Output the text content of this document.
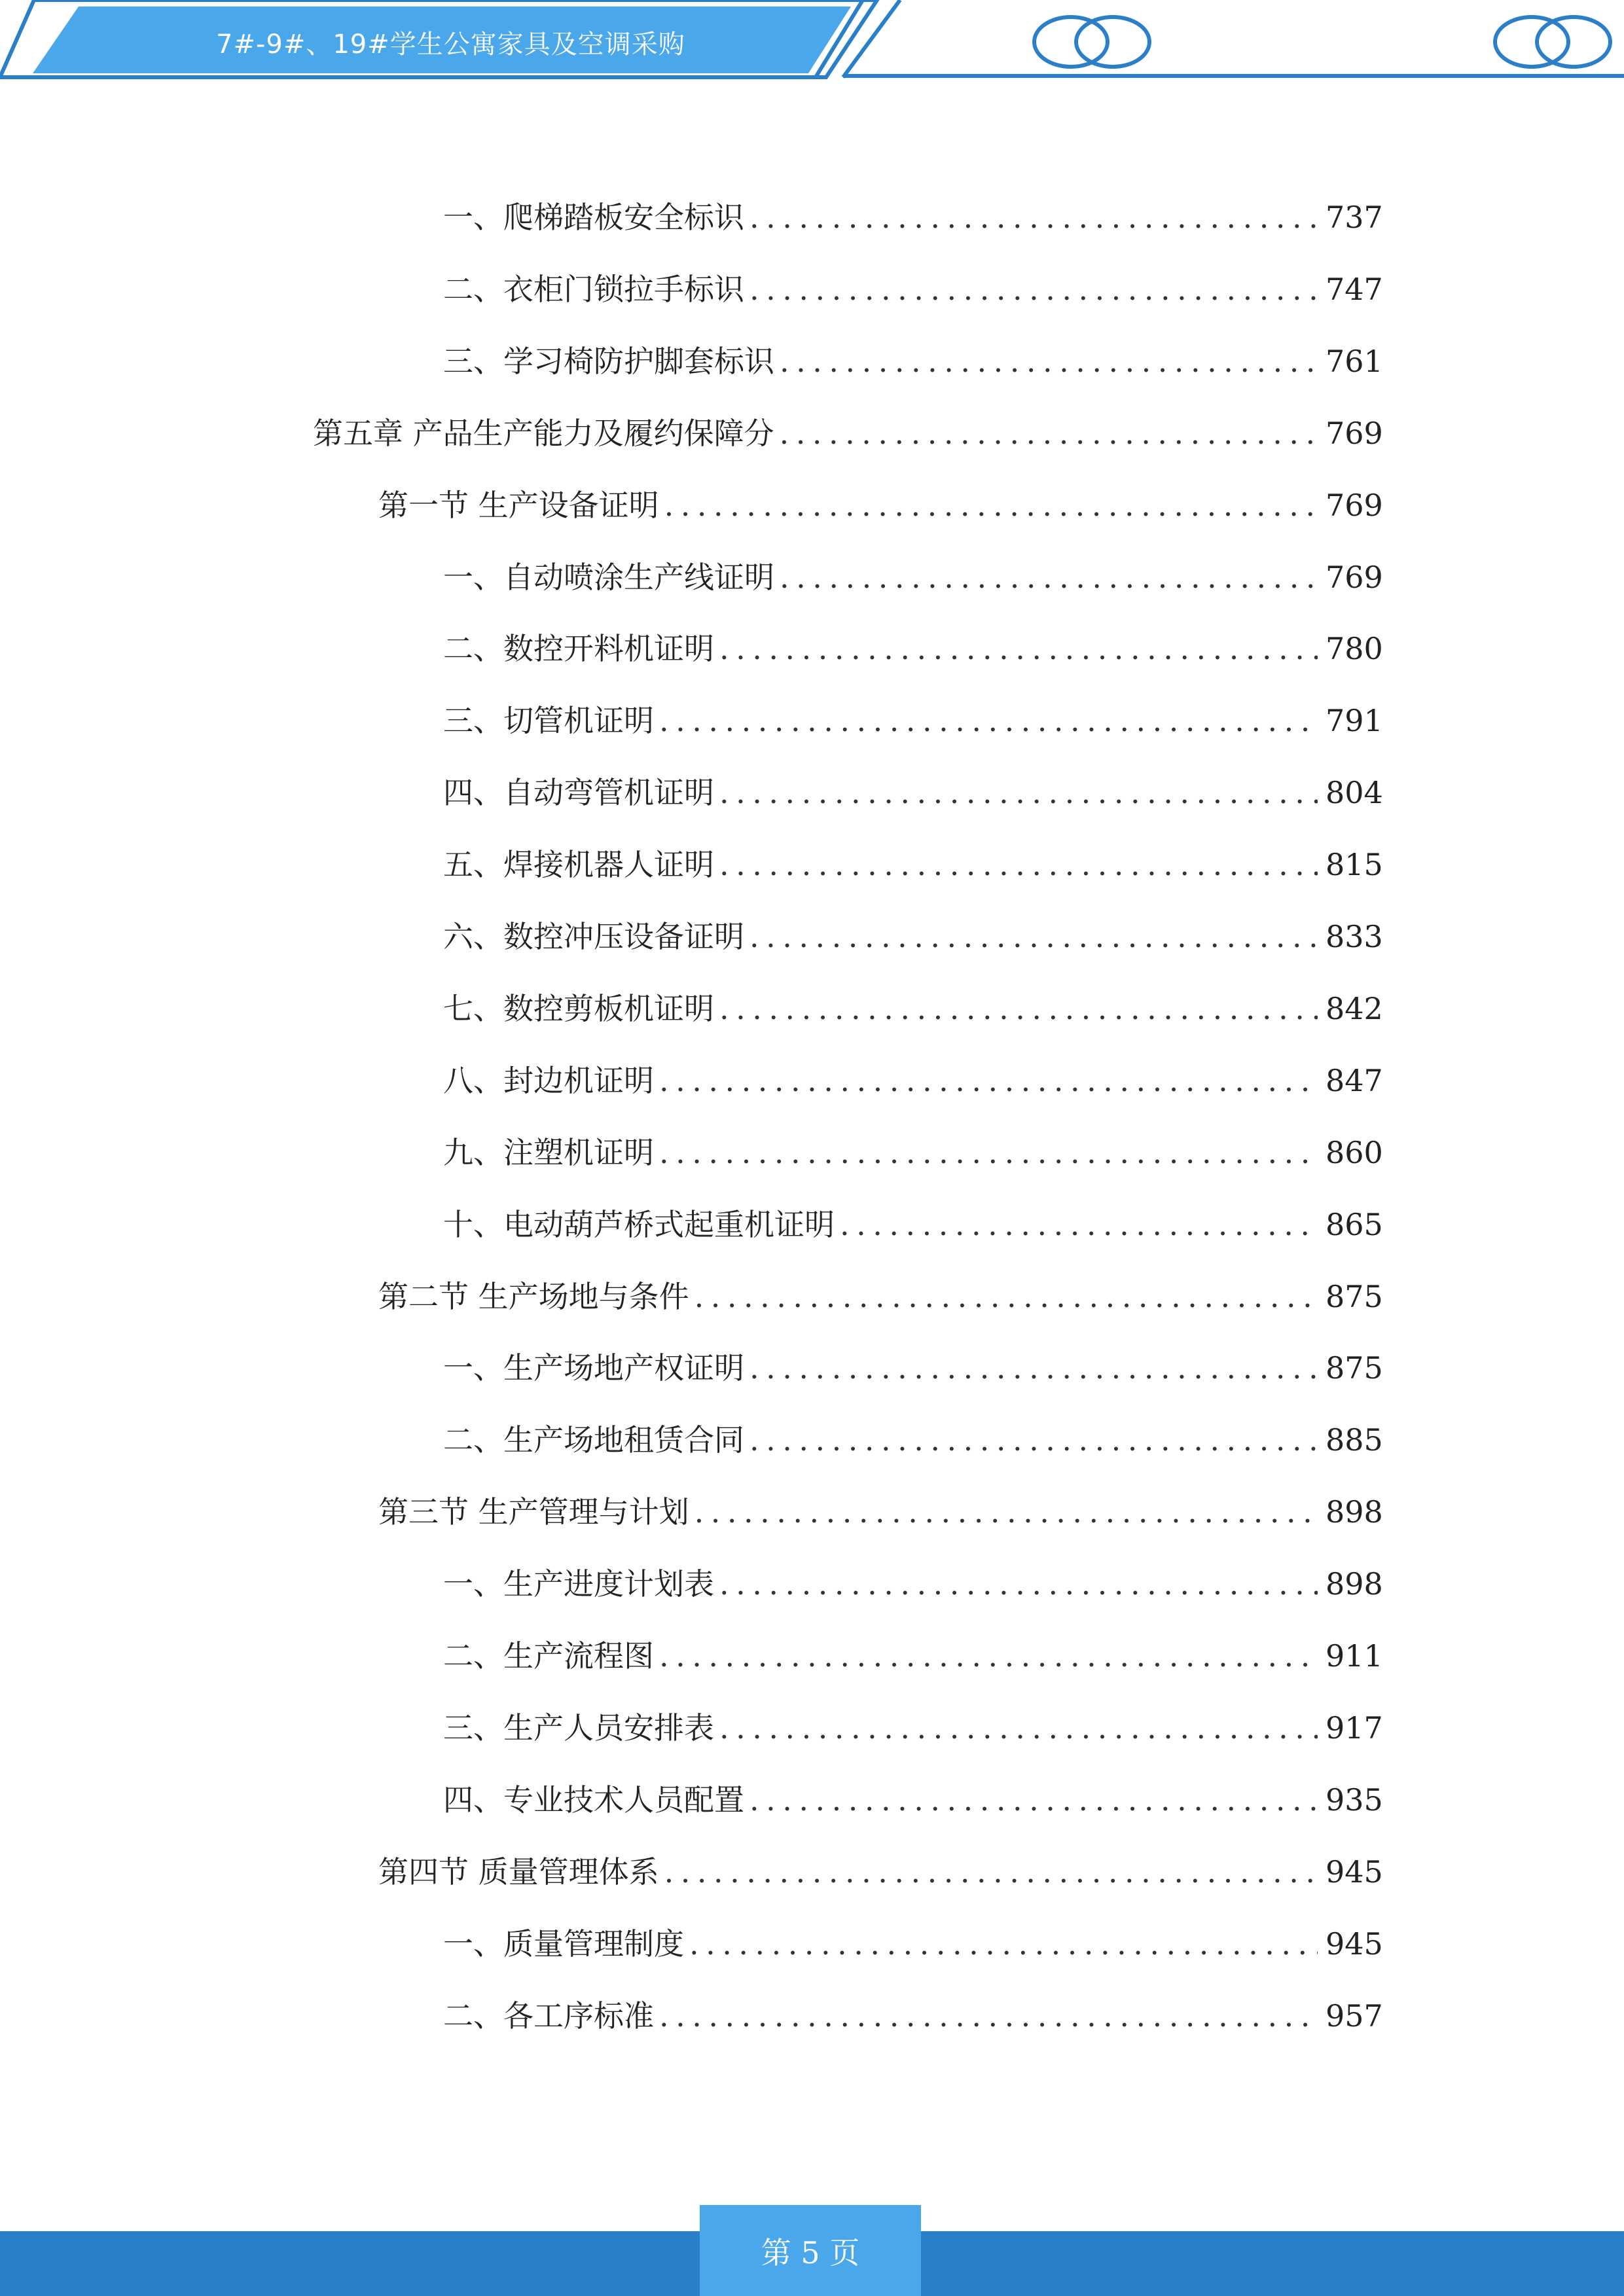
7#-9#、19#学生公寓家具及空调采购
一、 爬梯踏板安全标识 .....	737
二、 衣柜门锁拉手标识 .....	747
三、 学习椅防护脚套标识 .....	761
第五章 产品生产能力及履约保障分 .....	769
第一节 生产设备证明 .....	769
一、 自动喷涂生产线证明 .....	769
二、 数控开料机证明 .....	780
三、 切管机证明 .....	791
四、 自动弯管机证明 .....	804
五、 焊接机器人证明 .....	815
六、 数控冲压设备证明 .....	833
七、 数控剪板机证明 .....	842
八、 封边机证明 .....	847
九、 注塑机证明 .....	860
十、 电动葫芦桥式起重机证明 .....	865
第二节 生产场地与条件 .....	875
一、 生产场地产权证明 .....	875
二、 生产场地租赁合同 .....	885
第三节 生产管理与计划 .....	898
一、 生产进度计划表 .....	898
二、 生产流程图 .....	911
三、 生产人员安排表 .....	917
四、 专业技术人员配置 .....	935
第四节 质量管理体系 .....	945
一、 质量管理制度 .....	945
二、 各工序标准 .....	957
第 5 页
